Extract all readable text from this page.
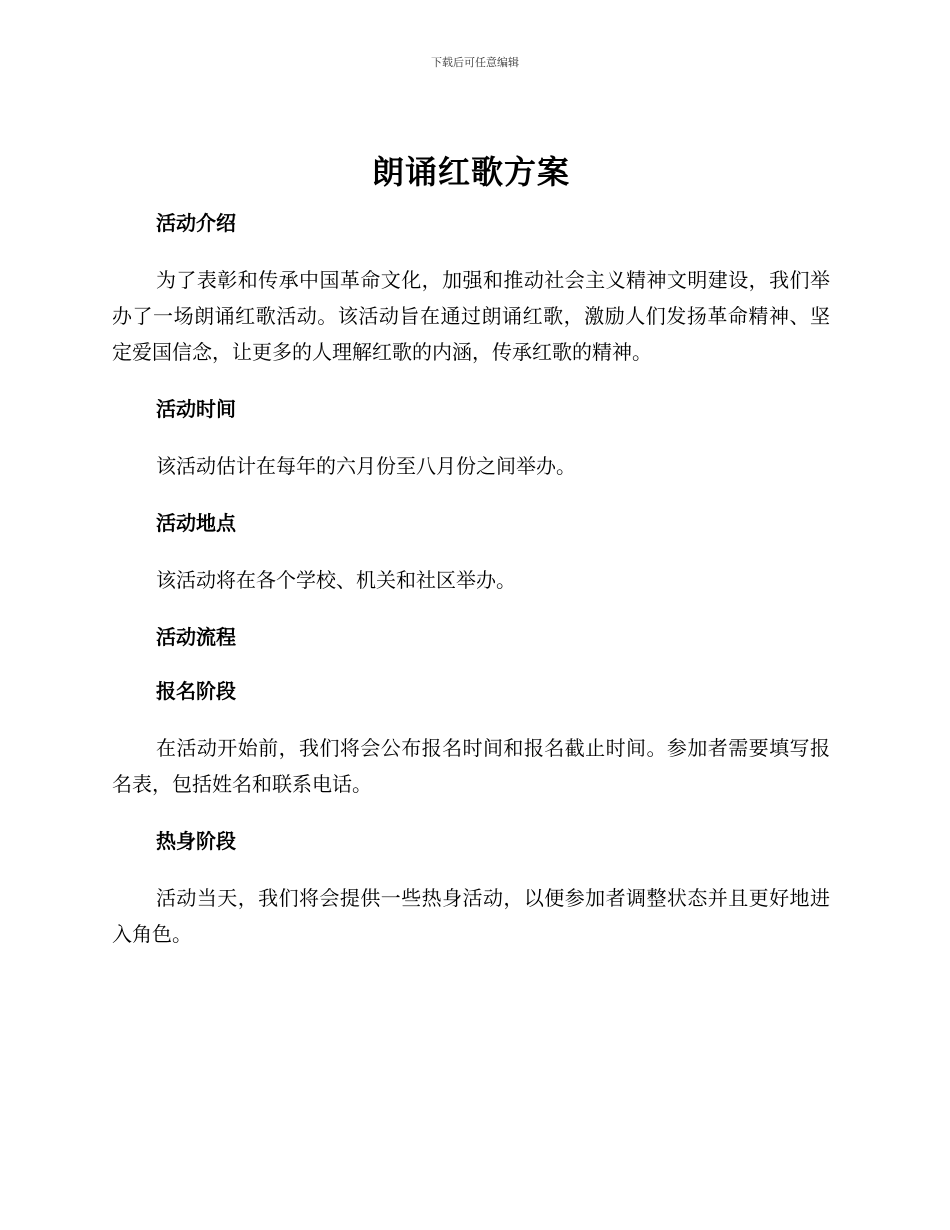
下载后可任意编辑
朗诵红歌方案
活动介绍

为了表彰和传承中国革命文化，加强和推动社会主义精神文明建设，我们举办了一场朗诵红歌活动。该活动旨在通过朗诵红歌，激励人们发扬革命精神、坚定爱国信念，让更多的人理解红歌的内涵，传承红歌的精神。

活动时间

该活动估计在每年的六月份至八月份之间举办。

活动地点

该活动将在各个学校、机关和社区举办。

活动流程
报名阶段

在活动开始前，我们将会公布报名时间和报名截止时间。参加者需要填写报名表，包括姓名和联系电话。

热身阶段

活动当天，我们将会提供一些热身活动，以便参加者调整状态并且更好地进入角色。
